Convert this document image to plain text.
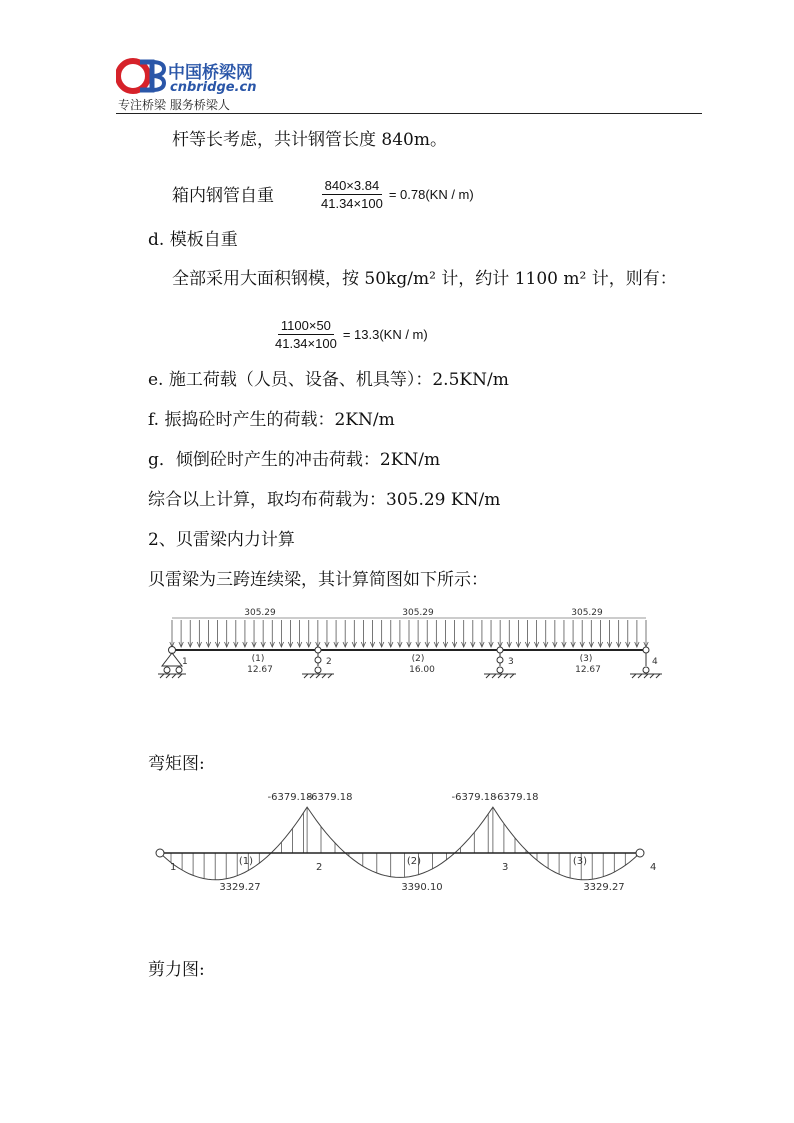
中国桥梁网
cnbridge.cn
专注桥梁 服务桥梁人
杆等长考虑，共计钢管长度 840m。
箱内钢管自重	$\frac{840\times 3.84}{41.34\times 100} = 0.78(KN / m)$
d. 模板自重
全部采用大面积钢模，按 50kg/m² 计，约计 1100 m² 计，则有：
$\frac{1100\times 50}{41.34\times 100} = 13.3(KN / m)$
e. 施工荷载（人员、设备、机具等）：2.5KN/m
f. 振捣砼时产生的荷载：2KN/m
g．倾倒砼时产生的冲击荷载：2KN/m
综合以上计算，取均布荷载为：305.29 KN/m
2、贝雷梁内力计算
贝雷梁为三跨连续梁，其计算简图如下所示：
305.29	305.29	305.29
1	2	3	4
(1)	(2)	(3)
12.67	16.00	12.67
弯矩图:
-6379.18
-6379.18	-6379.18
-6379.18
1	2	3	4
(1)	(2)	(3)
3329.27	3390.10	3329.27
剪力图:
